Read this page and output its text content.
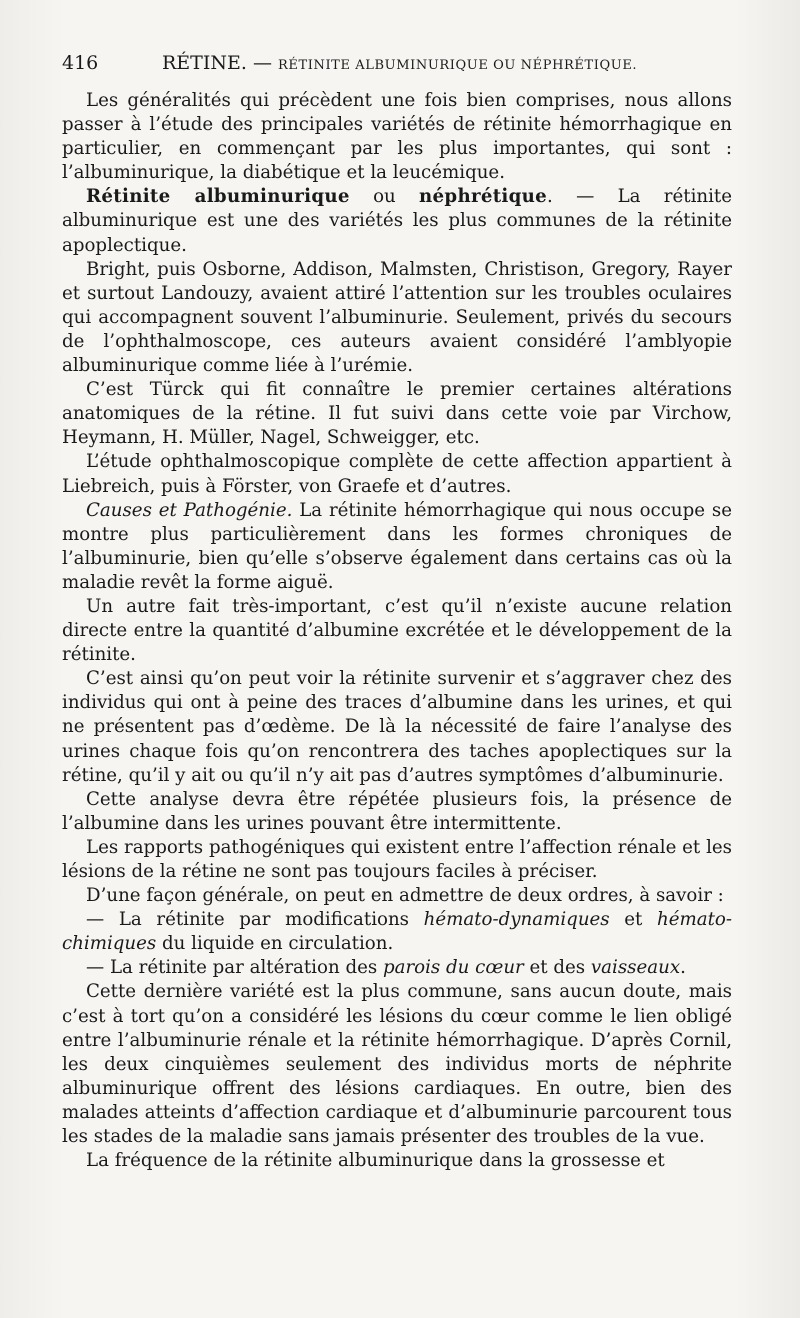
416	RÉTINE. — RÉTINITE ALBUMINURIQUE OU NÉPHRÉTIQUE.

Les généralités qui précèdent une fois bien comprises, nous allons passer à l’étude des principales variétés de rétinite hémorrhagique en particulier, en commençant par les plus importantes, qui sont : l’albuminurique, la diabétique et la leucémique.

Rétinite albuminurique ou néphrétique. — La rétinite albuminurique est une des variétés les plus communes de la rétinite apoplectique.

Bright, puis Osborne, Addison, Malmsten, Christison, Gregory, Rayer et surtout Landouzy, avaient attiré l’attention sur les troubles oculaires qui accompagnent souvent l’albuminurie. Seulement, privés du secours de l’ophthalmoscope, ces auteurs avaient considéré l’amblyopie albuminurique comme liée à l’urémie.

C’est Türck qui fit connaître le premier certaines altérations anatomiques de la rétine. Il fut suivi dans cette voie par Virchow, Heymann, H. Müller, Nagel, Schweigger, etc.

L’étude ophthalmoscopique complète de cette affection appartient à Liebreich, puis à Förster, von Graefe et d’autres.

Causes et Pathogénie. La rétinite hémorrhagique qui nous occupe se montre plus particulièrement dans les formes chroniques de l’albuminurie, bien qu’elle s’observe également dans certains cas où la maladie revêt la forme aiguë.

Un autre fait très-important, c’est qu’il n’existe aucune relation directe entre la quantité d’albumine excrétée et le développement de la rétinite.

C’est ainsi qu’on peut voir la rétinite survenir et s’aggraver chez des individus qui ont à peine des traces d’albumine dans les urines, et qui ne présentent pas d’œdème. De là la nécessité de faire l’analyse des urines chaque fois qu’on rencontrera des taches apoplectiques sur la rétine, qu’il y ait ou qu’il n’y ait pas d’autres symptômes d’albuminurie.

Cette analyse devra être répétée plusieurs fois, la présence de l’albumine dans les urines pouvant être intermittente.

Les rapports pathogéniques qui existent entre l’affection rénale et les lésions de la rétine ne sont pas toujours faciles à préciser.

D’une façon générale, on peut en admettre de deux ordres, à savoir :

— La rétinite par modifications hémato-dynamiques et hémato-chimiques du liquide en circulation.

— La rétinite par altération des parois du cœur et des vaisseaux.

Cette dernière variété est la plus commune, sans aucun doute, mais c’est à tort qu’on a considéré les lésions du cœur comme le lien obligé entre l’albuminurie rénale et la rétinite hémorrhagique. D’après Cornil, les deux cinquièmes seulement des individus morts de néphrite albuminurique offrent des lésions cardiaques. En outre, bien des malades atteints d’affection cardiaque et d’albuminurie parcourent tous les stades de la maladie sans jamais présenter des troubles de la vue.

La fréquence de la rétinite albuminurique dans la grossesse et
